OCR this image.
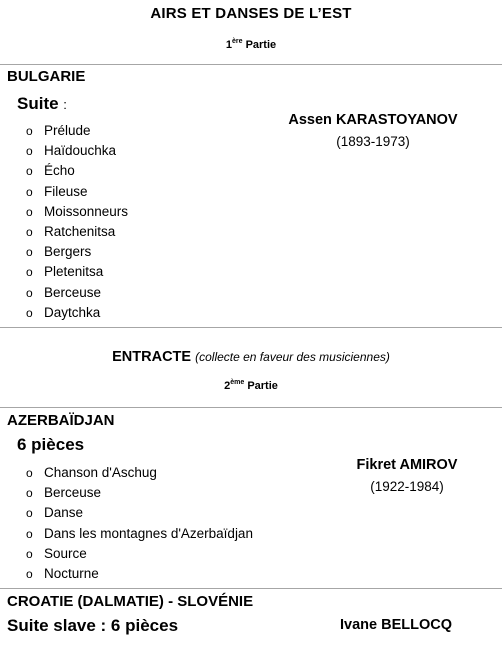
AIRS ET DANSES DE L’EST
1ère Partie
BULGARIE
Suite :
o Prélude
o Haïdouchka
o Écho
o Fileuse
o Moissonneurs
o Ratchenitsa
o Bergers
o Pletenitsa
o Berceuse
o Daytchka
Assen KARASTOYANOV
(1893-1973)
ENTRACTE (collecte en faveur des musiciennes)
2ème Partie
AZERBAÏDJAN
6 pièces
o Chanson d'Aschug
o Berceuse
o Danse
o Dans les montagnes d'Azerbaïdjan
o Source
o Nocturne
Fikret AMIROV
(1922-1984)
CROATIE (DALMATIE) - SLOVÉNIE
Suite slave : 6 pièces	Ivane BELLOCQ
